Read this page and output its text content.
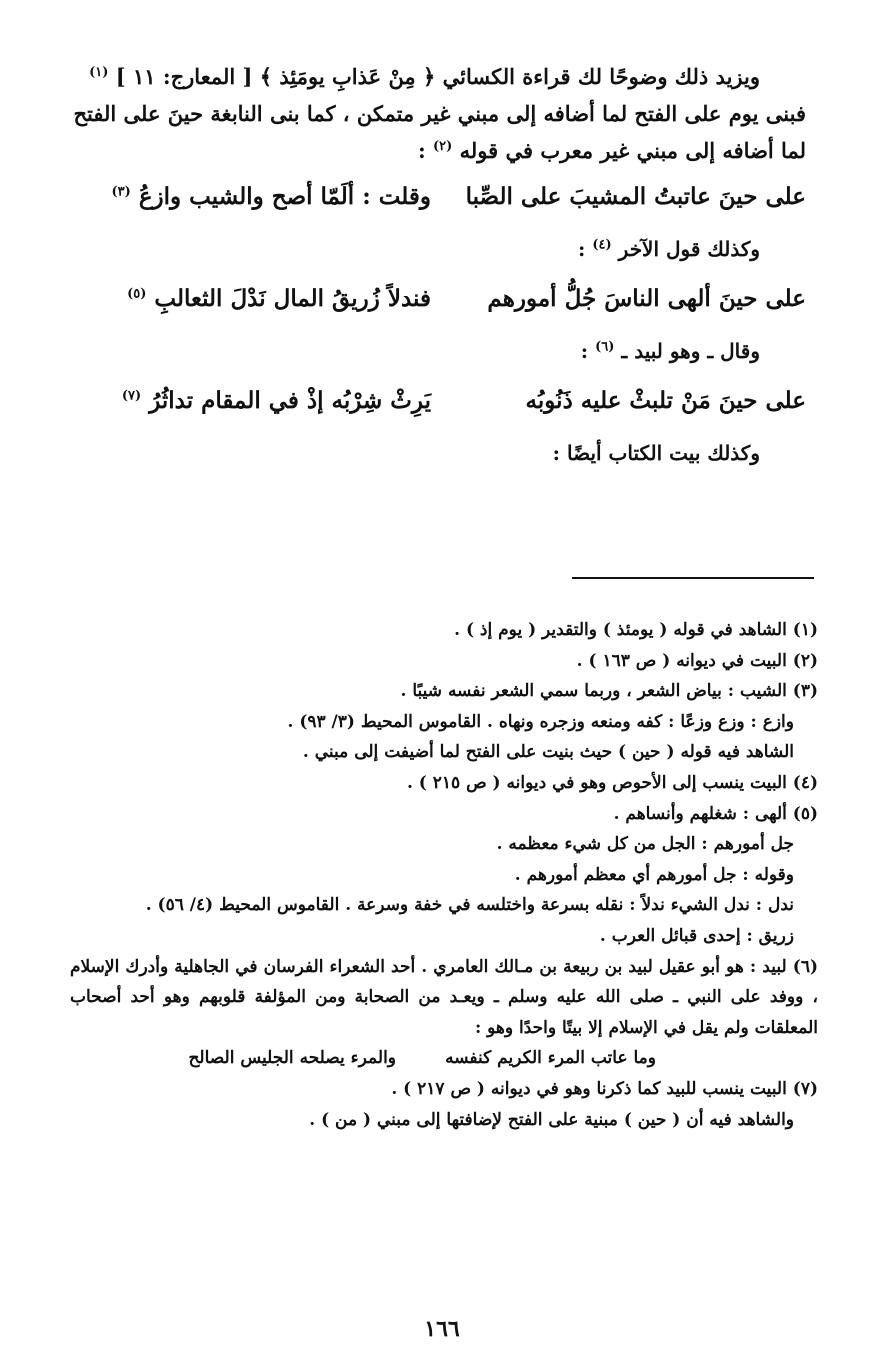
ويزيد ذلك وضوحًا لك قراءة الكسائي ﴿ مِنْ عَذابِ يومَئِذ ﴾ [ المعارج: ١١ ] $^{(١)}$

فبنى يوم على الفتح لما أضافه إلى مبني غير متمكن ، كما بنى النابغة حينَ على الفتح لما أضافه إلى مبني غير معرب في قوله $^{(٢)}$ :

على حينَ عاتبتُ المشيبَ على الصِّبا
وقلت : ألَمّا أصح والشيب وازعُ $^{(٣)}$

وكذلك قول الآخر $^{(٤)}$ :

على حينَ ألهى الناسَ جُلُّ أمورهم
فندلاً زُريقُ المال نَدْلَ الثعالبِ $^{(٥)}$

وقال ـ وهو لبيد ـ $^{(٦)}$ :

على حينَ مَنْ تلبثْ عليه ذَنُوبُه
يَرِثْ شِرْبُه إذْ في المقام تداثُرُ $^{(٧)}$

وكذلك بيت الكتاب أيضًا :

(١) الشاهد في قوله ( يومئذ ) والتقدير ( يوم إذ ) .

(٢) البيت في ديوانه ( ص ١٦٣ ) .

(٣) الشيب : بياض الشعر ، وربما سمي الشعر نفسه شيبًا .

وازع : وزع وزعًا : كفه ومنعه وزجره ونهاه . القاموس المحيط (٣/ ٩٣) .

الشاهد فيه قوله ( حين ) حيث بنيت على الفتح لما أضيفت إلى مبني .

(٤) البيت ينسب إلى الأحوص وهو في ديوانه ( ص ٢١٥ ) .

(٥) ألهى : شغلهم وأنساهم .

جل أمورهم : الجل من كل شيء معظمه .

وقوله : جل أمورهم أي معظم أمورهم .

ندل : ندل الشيء ندلاً : نقله بسرعة واختلسه في خفة وسرعة . القاموس المحيط (٤/ ٥٦) .

زريق : إحدى قبائل العرب .

(٦) لبيد : هو أبو عقيل لبيد بن ربيعة بن مـالك العامري . أحد الشعراء الفرسان في الجاهلية وأدرك الإسلام ، ووفد على النبي ـ صلى الله عليه وسلم ـ ويعـد من الصحابة ومن المؤلفة قلوبهم وهو أحد أصحاب المعلقات ولم يقل في الإسلام إلا بيتًا واحدًا وهو :

وما عاتب المرء الكريم كنفسه
والمرء يصلحه الجليس الصالح

(٧) البيت ينسب للبيد كما ذكرنا وهو في ديوانه ( ص ٢١٧ ) .

والشاهد فيه أن ( حين ) مبنية على الفتح لإضافتها إلى مبني ( من ) .

١٦٦
